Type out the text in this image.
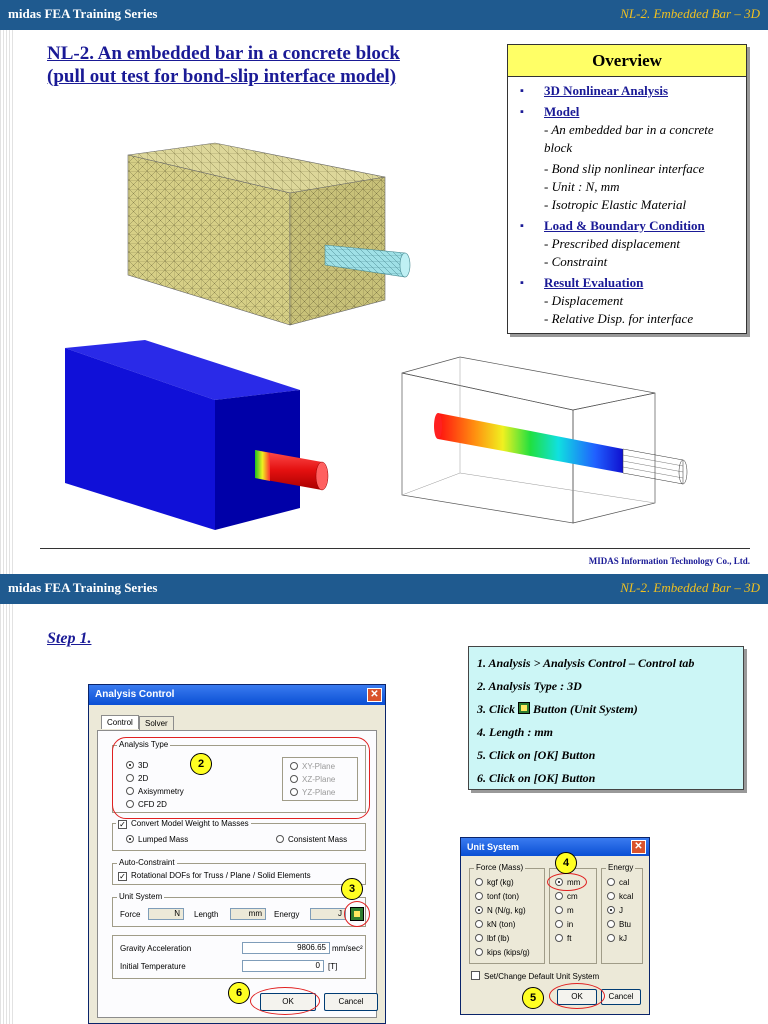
midas FEA Training Series	NL-2. Embedded Bar – 3D
NL-2. An embedded bar in a concrete block
(pull out test for bond-slip interface model)
Overview
▪ 3D Nonlinear Analysis
▪ Model
- An embedded bar in a concrete block
- Bond slip nonlinear interface
- Unit : N, mm
- Isotropic Elastic Material
▪ Load & Boundary Condition
- Prescribed displacement
- Constraint
▪ Result Evaluation
- Displacement
- Relative Disp. for interface
MIDAS Information Technology Co., Ltd.
midas FEA Training Series	NL-2. Embedded Bar – 3D
Step 1.
1. Analysis > Analysis Control – Control tab
2. Analysis Type : 3D
3. Click Button (Unit System)
4. Length : mm
5. Click on [OK] Button
6. Click on [OK] Button
Analysis Control	✕
Control	Solver
Analysis Type
3D
2D
Axisymmetry
CFD 2D
XY-Plane
XZ-Plane
YZ-Plane
✓ Convert Model Weight to Masses
Lumped Mass	Consistent Mass
Auto-Constraint
✓ Rotational DOFs for Truss / Plane / Solid Elements
Unit System
Force	N	Length	mm	Energy	J
Gravity Acceleration	9806.65 mm/sec²
Initial Temperature	0	[T]
OK	Cancel
Unit System	✕
Force (Mass)
kgf (kg)
tonf (ton)
N (N/g, kg)
kN (ton)
lbf (lb)
kips (kips/g)
mm
cm
m
in
ft
Energy
cal
kcal
J
Btu
kJ
Set/Change Default Unit System
OK	Cancel
2
3
4
5
6
